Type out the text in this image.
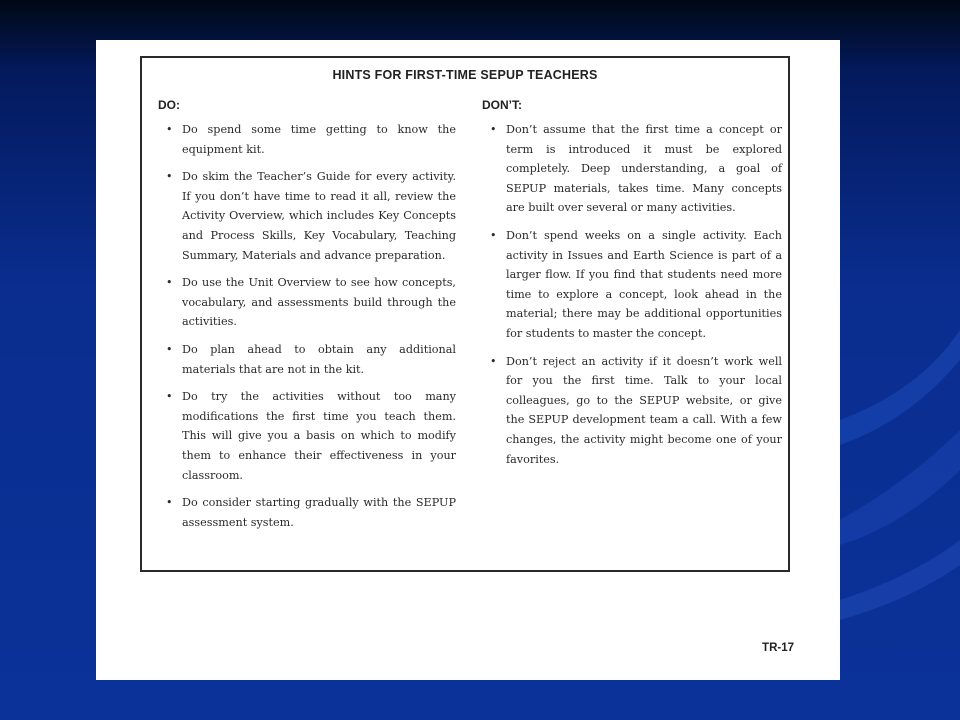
HINTS FOR FIRST-TIME SEPUP TEACHERS
DO:
• Do spend some time getting to know the equipment kit.
• Do skim the Teacher’s Guide for every activity. If you don’t have time to read it all, review the Activity Overview, which includes Key Concepts and Process Skills, Key Vocabulary, Teaching Summary, Materials and advance preparation.
• Do use the Unit Overview to see how concepts, vocabulary, and assessments build through the activities.
• Do plan ahead to obtain any additional materials that are not in the kit.
• Do try the activities without too many modifications the first time you teach them. This will give you a basis on which to modify them to enhance their effectiveness in your classroom.
• Do consider starting gradually with the SEPUP assessment system.
DON’T:
• Don’t assume that the first time a concept or term is introduced it must be explored completely. Deep understanding, a goal of SEPUP materials, takes time. Many concepts are built over several or many activities.
• Don’t spend weeks on a single activity. Each activity in Issues and Earth Science is part of a larger flow. If you find that students need more time to explore a concept, look ahead in the material; there may be additional opportunities for students to master the concept.
• Don’t reject an activity if it doesn’t work well for you the first time. Talk to your local colleagues, go to the SEPUP website, or give the SEPUP development team a call. With a few changes, the activity might become one of your favorites.
TR-17
